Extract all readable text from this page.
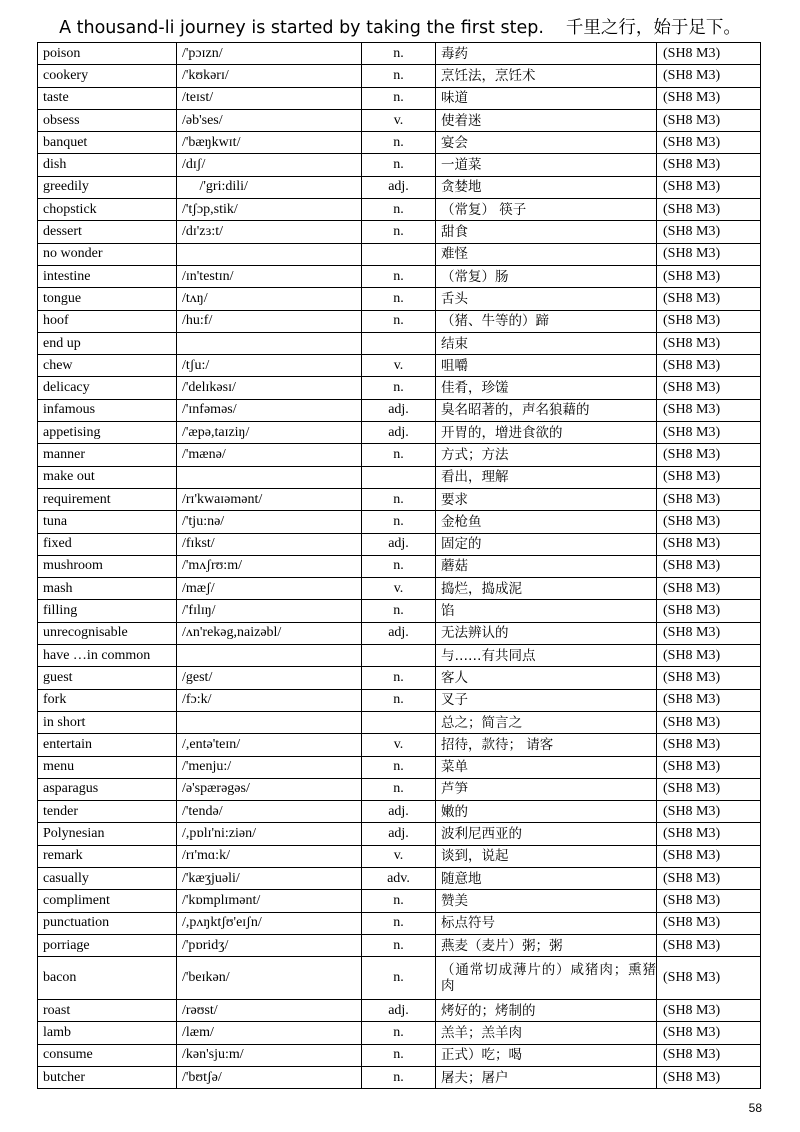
A thousand-li journey is started by taking the first step. 千里之行，始于足下。
poison	/'pɔɪzn/	n.	毒药	(SH8 M3)
cookery	/'kʊkərɪ/	n.	烹饪法，烹饪术	(SH8 M3)
taste	/teɪst/	n.	味道	(SH8 M3)
obsess	/əb'ses/	v.	使着迷	(SH8 M3)
banquet	/'bæŋkwɪt/	n.	宴会	(SH8 M3)
dish	/dɪʃ/	n.	一道菜	(SH8 M3)
greedily	/'gri:dili/	adj.	贪婪地	(SH8 M3)
chopstick	/'tʃɔp,stik/	n.	（常复） 筷子	(SH8 M3)
dessert	/dɪ'zɜ:t/	n.	甜食	(SH8 M3)
no wonder			难怪	(SH8 M3)
intestine	/ɪn'testɪn/	n.	（常复）肠	(SH8 M3)
tongue	/tʌŋ/	n.	舌头	(SH8 M3)
hoof	/hu:f/	n.	（猪、牛等的）蹄	(SH8 M3)
end up			结束	(SH8 M3)
chew	/tʃu:/	v.	咀嚼	(SH8 M3)
delicacy	/'delɪkəsɪ/	n.	佳肴，珍馐	(SH8 M3)
infamous	/'ɪnfəməs/	adj.	臭名昭著的，声名狼藉的	(SH8 M3)
appetising	/'æpə,taɪziŋ/	adj.	开胃的，增进食欲的	(SH8 M3)
manner	/'mænə/	n.	方式；方法	(SH8 M3)
make out			看出，理解	(SH8 M3)
requirement	/rɪ'kwaɪəmənt/	n.	要求	(SH8 M3)
tuna	/'tju:nə/	n.	金枪鱼	(SH8 M3)
fixed	/fɪkst/	adj.	固定的	(SH8 M3)
mushroom	/'mʌʃrʊ:m/	n.	蘑菇	(SH8 M3)
mash	/mæʃ/	v.	捣烂，捣成泥	(SH8 M3)
filling	/'fɪlɪŋ/	n.	馅	(SH8 M3)
unrecognisable	/ʌn'rekəg,naizəbl/	adj.	无法辨认的	(SH8 M3)
have …in common			与……有共同点	(SH8 M3)
guest	/gest/	n.	客人	(SH8 M3)
fork	/fɔ:k/	n.	叉子	(SH8 M3)
in short			总之；简言之	(SH8 M3)
entertain	/,entə'teɪn/	v.	招待，款待； 请客	(SH8 M3)
menu	/'menju:/	n.	菜单	(SH8 M3)
asparagus	/ə'spærəgəs/	n.	芦笋	(SH8 M3)
tender	/'tendə/	adj.	嫩的	(SH8 M3)
Polynesian	/,pɒlɪ'ni:ziən/	adj.	波利尼西亚的	(SH8 M3)
remark	/rɪ'mɑ:k/	v.	谈到，说起	(SH8 M3)
casually	/'kæʒjuəli/	adv.	随意地	(SH8 M3)
compliment	/'kɒmplɪmənt/	n.	赞美	(SH8 M3)
punctuation	/,pʌŋktʃʊ'eɪʃn/	n.	标点符号	(SH8 M3)
porriage	/'pɒridʒ/	n.	燕麦（麦片）粥；粥	(SH8 M3)
bacon	/'beɪkən/	n.	（通常切成薄片的）咸猪肉；熏猪肉	(SH8 M3)
roast	/rəʊst/	adj.	烤好的；烤制的	(SH8 M3)
lamb	/læm/	n.	羔羊；羔羊肉	(SH8 M3)
consume	/kən'sju:m/	n.	正式）吃；喝	(SH8 M3)
butcher	/'bʊtʃə/	n.	屠夫；屠户	(SH8 M3)
58
